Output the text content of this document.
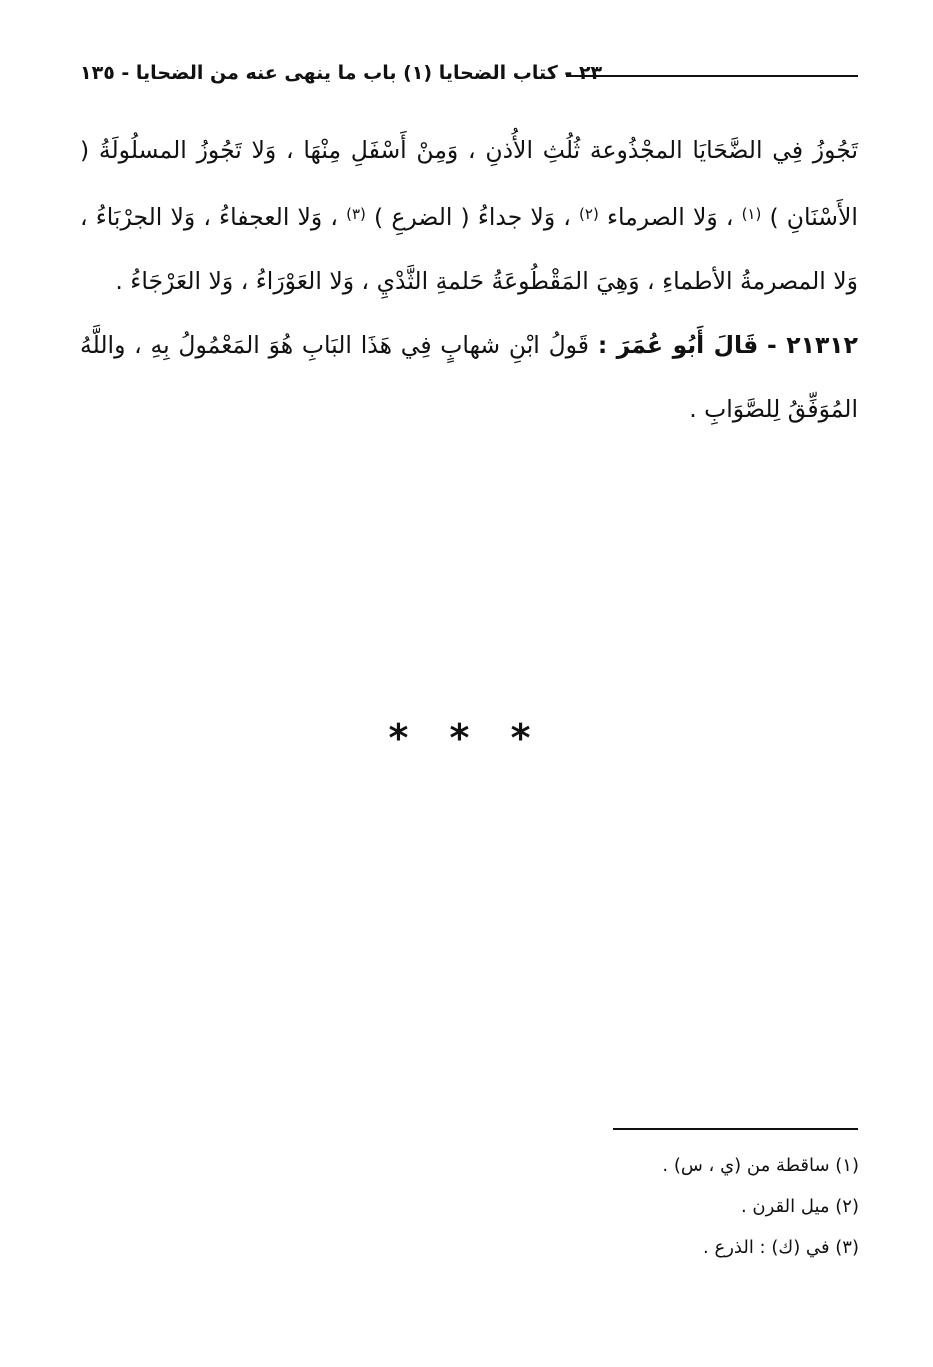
٢٣ - كتاب الضحايا (١) باب ما ينهى عنه من الضحايا - ١٣٥

تَجُوزُ فِي الضَّحَايَا المجْذُوعة ثُلُثِ الأُذنِ ، وَمِنْ أَسْفَلِ مِنْهَا ، وَلا تَجُوزُ المسلُولَةُ ( الأَسْنَانِ ) $^{(١)}$ ، وَلا الصرماء $^{(٢)}$ ، وَلا جداءُ ( الضرعِ ) $^{(٣)}$ ، وَلا العجفاءُ ، وَلا الجرْبَاءُ ، وَلا المصرمةُ الأطماءِ ، وَهِيَ المَقْطُوعَةُ حَلمةِ الثَّدْيِ ، وَلا العَوْرَاءُ ، وَلا العَرْجَاءُ .

٢١٣١٢ - قَالَ أَبُو عُمَرَ : قَولُ ابْنِ شهابٍ فِي هَذَا البَابِ هُوَ المَعْمُولُ بِهِ ، واللَّهُ المُوَفِّقُ لِلصَّوَابِ .

* * *

(١) ساقطة من (ي ، س) .

(٢) ميل القرن .

(٣) في (ك) : الذرع .
